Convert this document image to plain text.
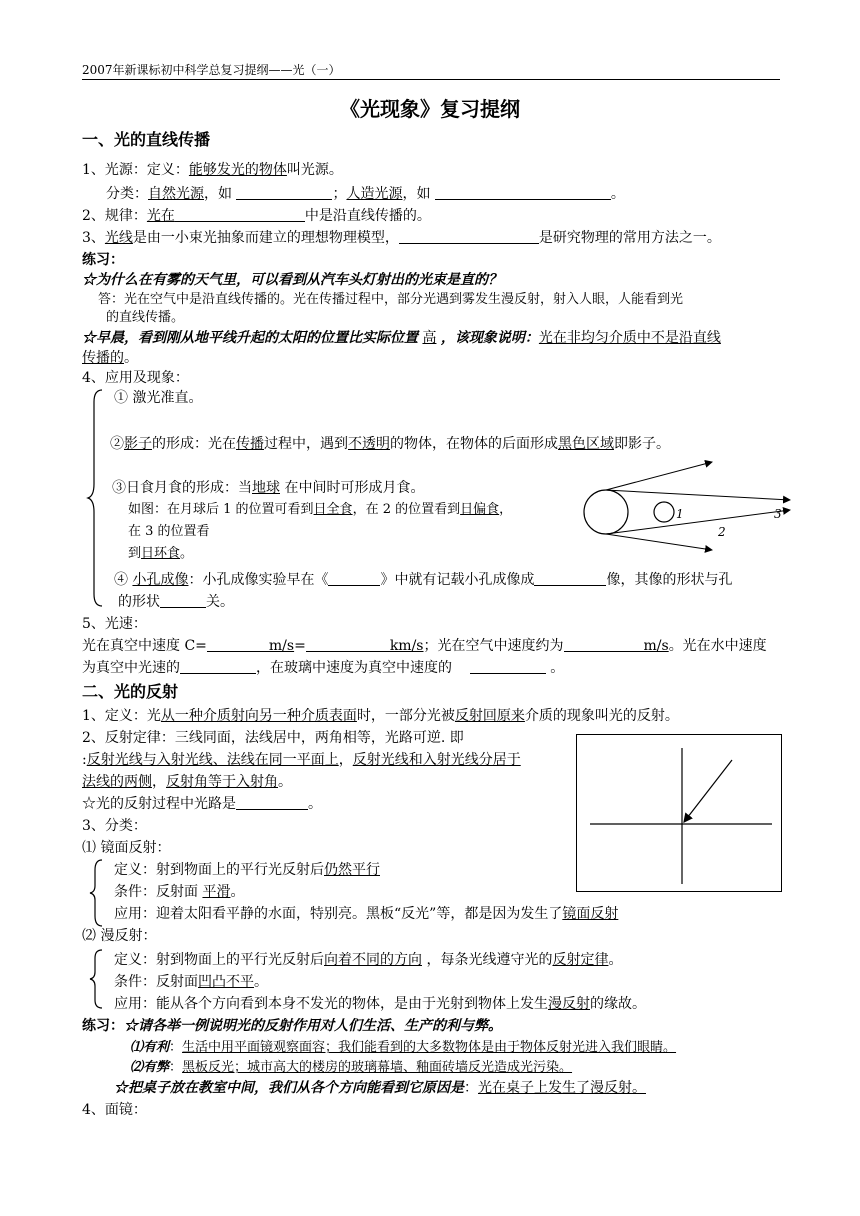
2007年新课标初中科学总复习提纲——光（一）
《光现象》复习提纲
一、光的直线传播
1、光源：定义：能够发光的物体叫光源。
分类：自然光源，如	；人造光源，如	。
2、规律：光在	中是沿直线传播的。
3、光线是由一小束光抽象而建立的理想物理模型，	是研究物理的常用方法之一。
练习：
☆为什么在有雾的天气里，可以看到从汽车头灯射出的光束是直的？
答：光在空气中是沿直线传播的。光在传播过程中，部分光遇到雾发生漫反射，射入人眼，人能看到光
的直线传播。
☆早晨，看到刚从地平线升起的太阳的位置比实际位置 高 ，该现象说明：光在非均匀介质中不是沿直线
传播的。
4、应用及现象：
① 激光准直。
②影子的形成：光在传播过程中，遇到不透明的物体，在物体的后面形成黑色区域即影子。
③日食月食的形成：当地球 在中间时可形成月食。
如图：在月球后 1 的位置可看到日全食，在 2 的位置看到日偏食，
在 3 的位置看
到日环食。
1
2
3
④ 小孔成像：小孔成像实验早在《	》中就有记载小孔成像成	像，其像的形状与孔
的形状	关。
5、光速：
光在真空中速度 C=	m/s=	km/s；光在空气中速度约为	m/s。光在水中速度
为真空中光速的	，在玻璃中速度为真空中速度的	。
二、光的反射
1、定义：光从一种介质射向另一种介质表面时，一部分光被反射回原来介质的现象叫光的反射。
2、反射定律：三线同面，法线居中，两角相等，光路可逆. 即
:反射光线与入射光线、法线在同一平面上，反射光线和入射光线分居于
法线的两侧，反射角等于入射角。
☆光的反射过程中光路是	。
3、分类：
⑴ 镜面反射：
定义：射到物面上的平行光反射后仍然平行
条件：反射面 平滑。
应用：迎着太阳看平静的水面，特别亮。黑板“反光”等，都是因为发生了镜面反射
⑵ 漫反射：
定义：射到物面上的平行光反射后向着不同的方向 ，每条光线遵守光的反射定律。
条件：反射面凹凸不平。
应用：能从各个方向看到本身不发光的物体，是由于光射到物体上发生漫反射的缘故。
练习：☆请各举一例说明光的反射作用对人们生活、生产的利与弊。
⑴有利：生活中用平面镜观察面容；我们能看到的大多数物体是由于物体反射光进入我们眼睛。
⑵有弊：黑板反光；城市高大的楼房的玻璃幕墙、釉面砖墙反光造成光污染。
☆把桌子放在教室中间，我们从各个方向能看到它原因是：光在桌子上发生了漫反射。
4、面镜：
